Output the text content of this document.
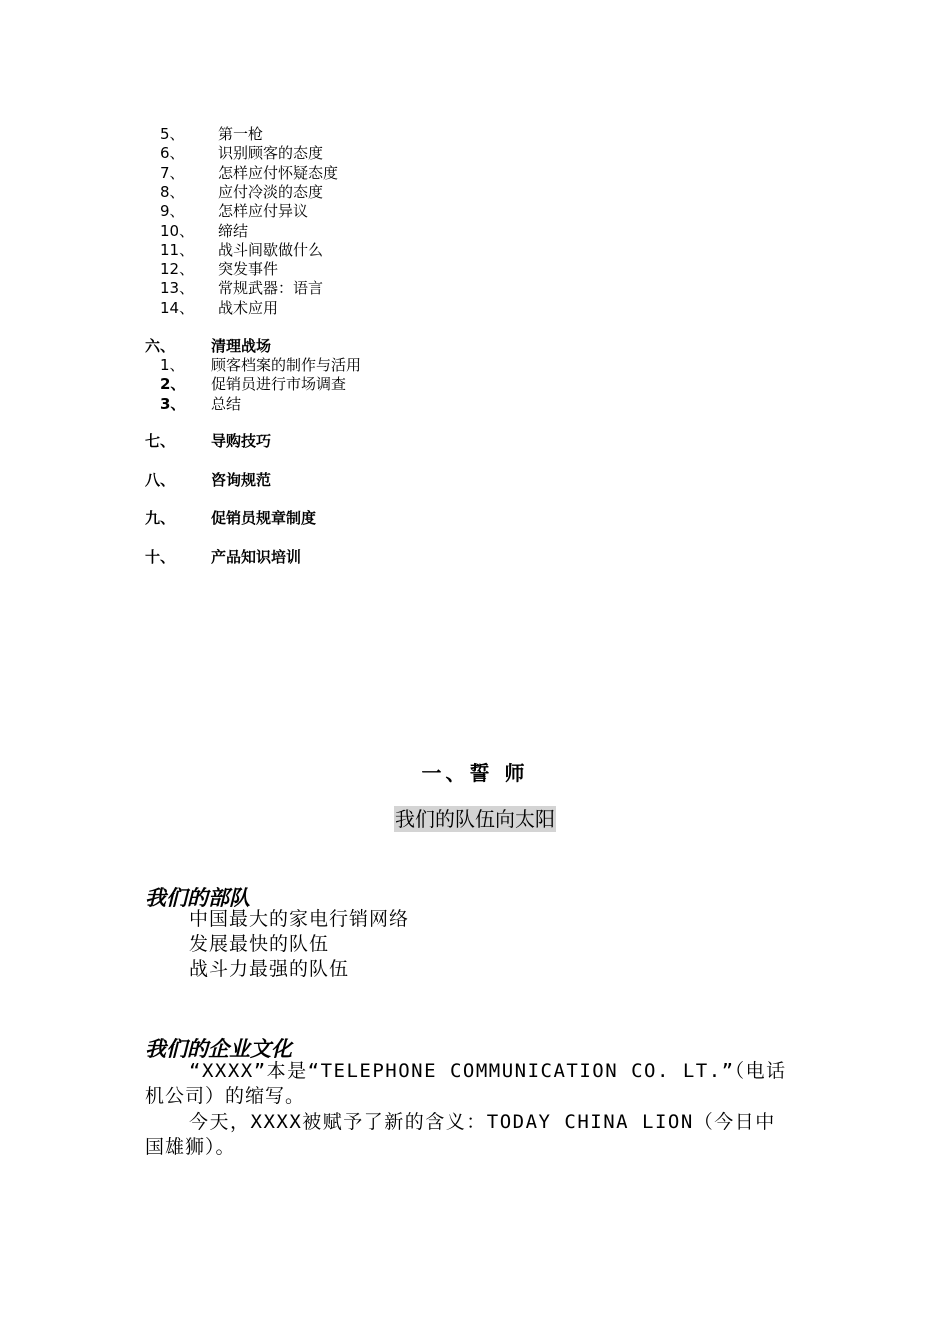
5、 第一枪
6、 识别顾客的态度
7、 怎样应付怀疑态度
8、 应付冷淡的态度
9、 怎样应付异议
10、 缔结
11、 战斗间歇做什么
12、 突发事件
13、 常规武器：语言
14、 战术应用
六、 清理战场
1、 顾客档案的制作与活用
2、 促销员进行市场调查
3、 总结
七、 导购技巧
八、 咨询规范
九、 促销员规章制度
十、 产品知识培训
一、誓 师
我们的队伍向太阳
我们的部队
中国最大的家电行销网络
发展最快的队伍
战斗力最强的队伍
我们的企业文化
“XXXX”本是“TELEPHONE COMMUNICATION CO. LT.”（电话
机公司）的缩写。
今天，XXXX被赋予了新的含义：TODAY CHINA LION（今日中
国雄狮）。
